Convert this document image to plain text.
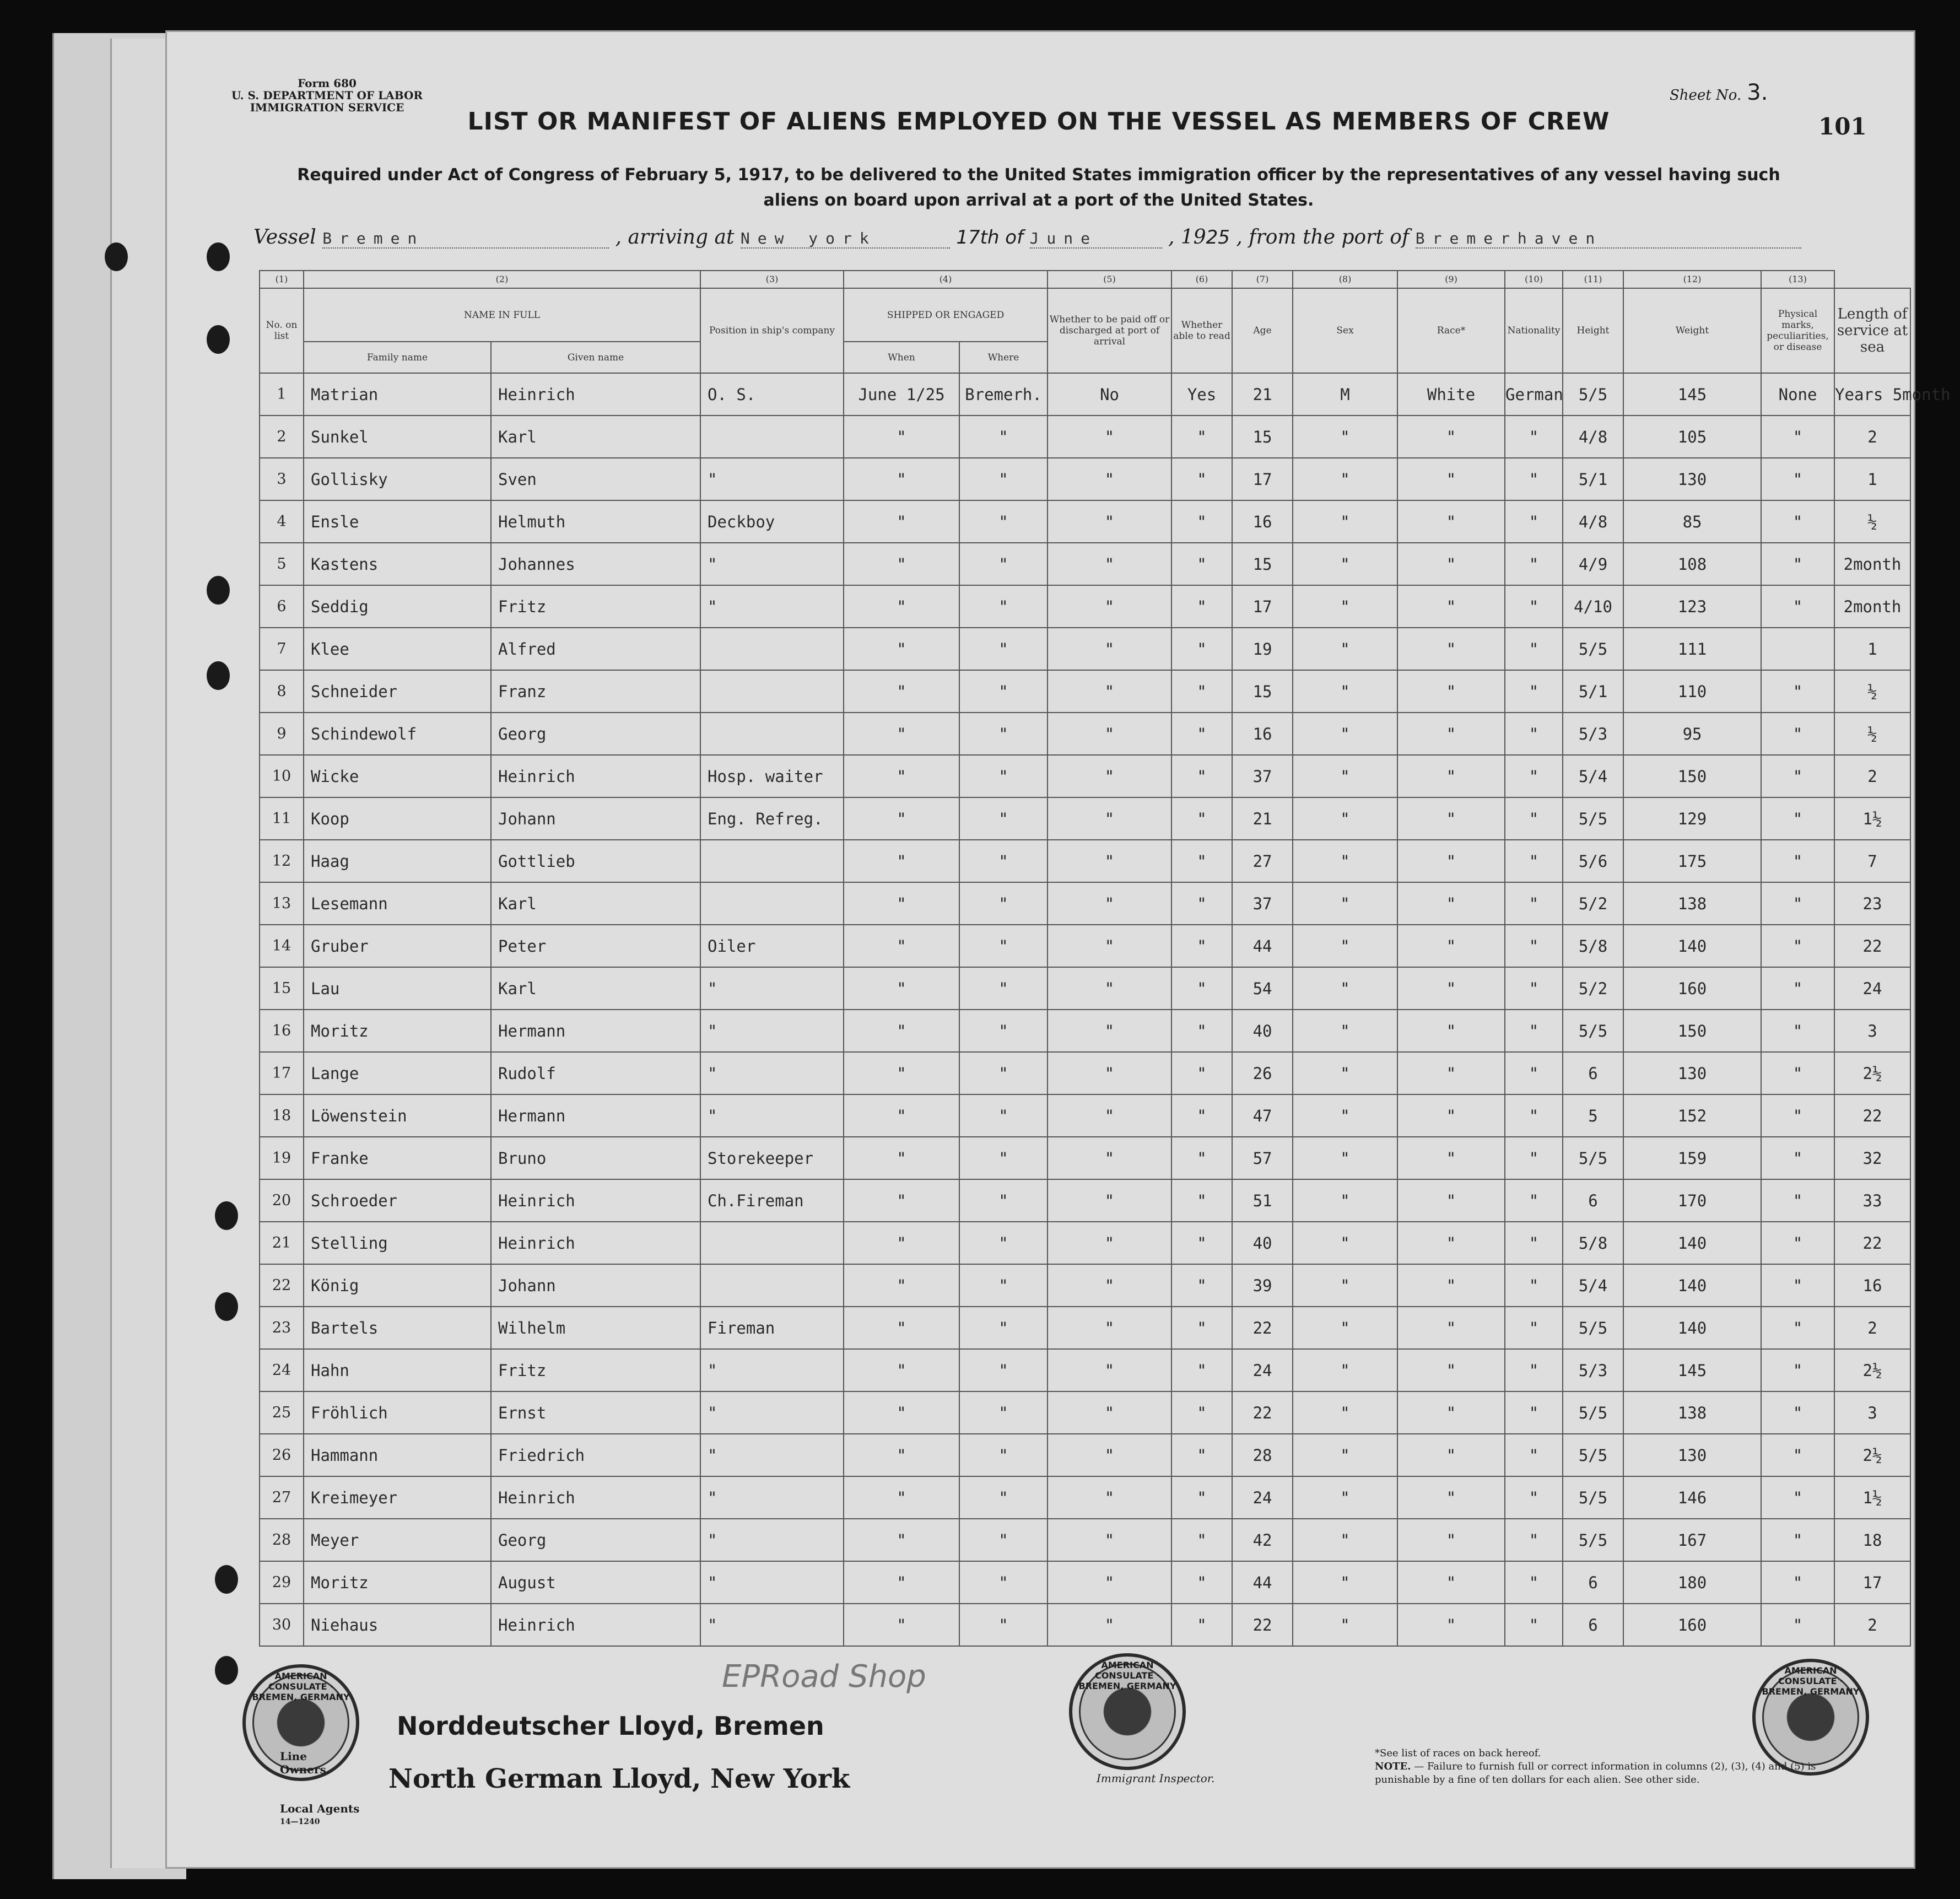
Form 680
U. S. DEPARTMENT OF LABOR
IMMIGRATION SERVICE
Sheet No. 3.
101
LIST OR MANIFEST OF ALIENS EMPLOYED ON THE VESSEL AS MEMBERS OF CREW
Required under Act of Congress of February 5, 1917, to be delivered to the United States immigration officer by the representatives of any vessel having such
aliens on board upon arrival at a port of the United States.
Vessel Bremen	, arriving at New york	17th of June	, 1925 , from the port of Bremerhaven
(1)	(2)		(3)	(4)		(5)	(6)	(7)	(8)	(9)	(10)	(11)	(12)	(13)	
No. on list	NAME IN FULL		Position in ship's company	SHIPPED OR ENGAGED		Whether to be paid off or discharged at port of arrival	Whether able to read	Age	Sex	Race*	Nationality	Height	Weight	Physical marks, peculiarities, or disease	Length of service at sea
	Family name	Given name		When	Where										
1	Matrian	Heinrich	O. S.	June 1/25	Bremerh.	No	Yes	21	M	White	German	5/5	145	None	Years 5month
2	Sunkel	Karl		"	"	"	"	15	"	"	"	4/8	105	"	2
3	Gollisky	Sven	"	"	"	"	"	17	"	"	"	5/1	130	"	1
4	Ensle	Helmuth	Deckboy	"	"	"	"	16	"	"	"	4/8	85	"	½
5	Kastens	Johannes	"	"	"	"	"	15	"	"	"	4/9	108	"	2month
6	Seddig	Fritz	"	"	"	"	"	17	"	"	"	4/10	123	"	2month
7	Klee	Alfred		"	"	"	"	19	"	"	"	5/5	111		1
8	Schneider	Franz		"	"	"	"	15	"	"	"	5/1	110	"	½
9	Schindewolf	Georg		"	"	"	"	16	"	"	"	5/3	95	"	½
10	Wicke	Heinrich	Hosp. waiter	"	"	"	"	37	"	"	"	5/4	150	"	2
11	Koop	Johann	Eng. Refreg.	"	"	"	"	21	"	"	"	5/5	129	"	1½
12	Haag	Gottlieb		"	"	"	"	27	"	"	"	5/6	175	"	7
13	Lesemann	Karl		"	"	"	"	37	"	"	"	5/2	138	"	23
14	Gruber	Peter	Oiler	"	"	"	"	44	"	"	"	5/8	140	"	22
15	Lau	Karl	"	"	"	"	"	54	"	"	"	5/2	160	"	24
16	Moritz	Hermann	"	"	"	"	"	40	"	"	"	5/5	150	"	3
17	Lange	Rudolf	"	"	"	"	"	26	"	"	"	6	130	"	2½
18	Löwenstein	Hermann	"	"	"	"	"	47	"	"	"	5	152	"	22
19	Franke	Bruno	Storekeeper	"	"	"	"	57	"	"	"	5/5	159	"	32
20	Schroeder	Heinrich	Ch.Fireman	"	"	"	"	51	"	"	"	6	170	"	33
21	Stelling	Heinrich		"	"	"	"	40	"	"	"	5/8	140	"	22
22	König	Johann		"	"	"	"	39	"	"	"	5/4	140	"	16
23	Bartels	Wilhelm	Fireman	"	"	"	"	22	"	"	"	5/5	140	"	2
24	Hahn	Fritz	"	"	"	"	"	24	"	"	"	5/3	145	"	2½
25	Fröhlich	Ernst	"	"	"	"	"	22	"	"	"	5/5	138	"	3
26	Hammann	Friedrich	"	"	"	"	"	28	"	"	"	5/5	130	"	2½
27	Kreimeyer	Heinrich	"	"	"	"	"	24	"	"	"	5/5	146	"	1½
28	Meyer	Georg	"	"	"	"	"	42	"	"	"	5/5	167	"	18
29	Moritz	August	"	"	"	"	"	44	"	"	"	6	180	"	17
30	Niehaus	Heinrich	"	"	"	"	"	22	"	"	"	6	160	"	2
EPRoad Shop
AMERICAN CONSULATE · BREMEN, GERMANY
AMERICAN CONSULATE · BREMEN, GERMANY
AMERICAN CONSULATE · BREMEN, GERMANY
Norddeutscher Lloyd, Bremen
North German Lloyd, New York
Line
Owners.
Local Agents
14—1240
Immigrant Inspector.
*See list of races on back hereof.
NOTE. — Failure to furnish full or correct information in columns (2), (3), (4) and (5) is punishable by a fine of ten dollars for each alien. See other side.
